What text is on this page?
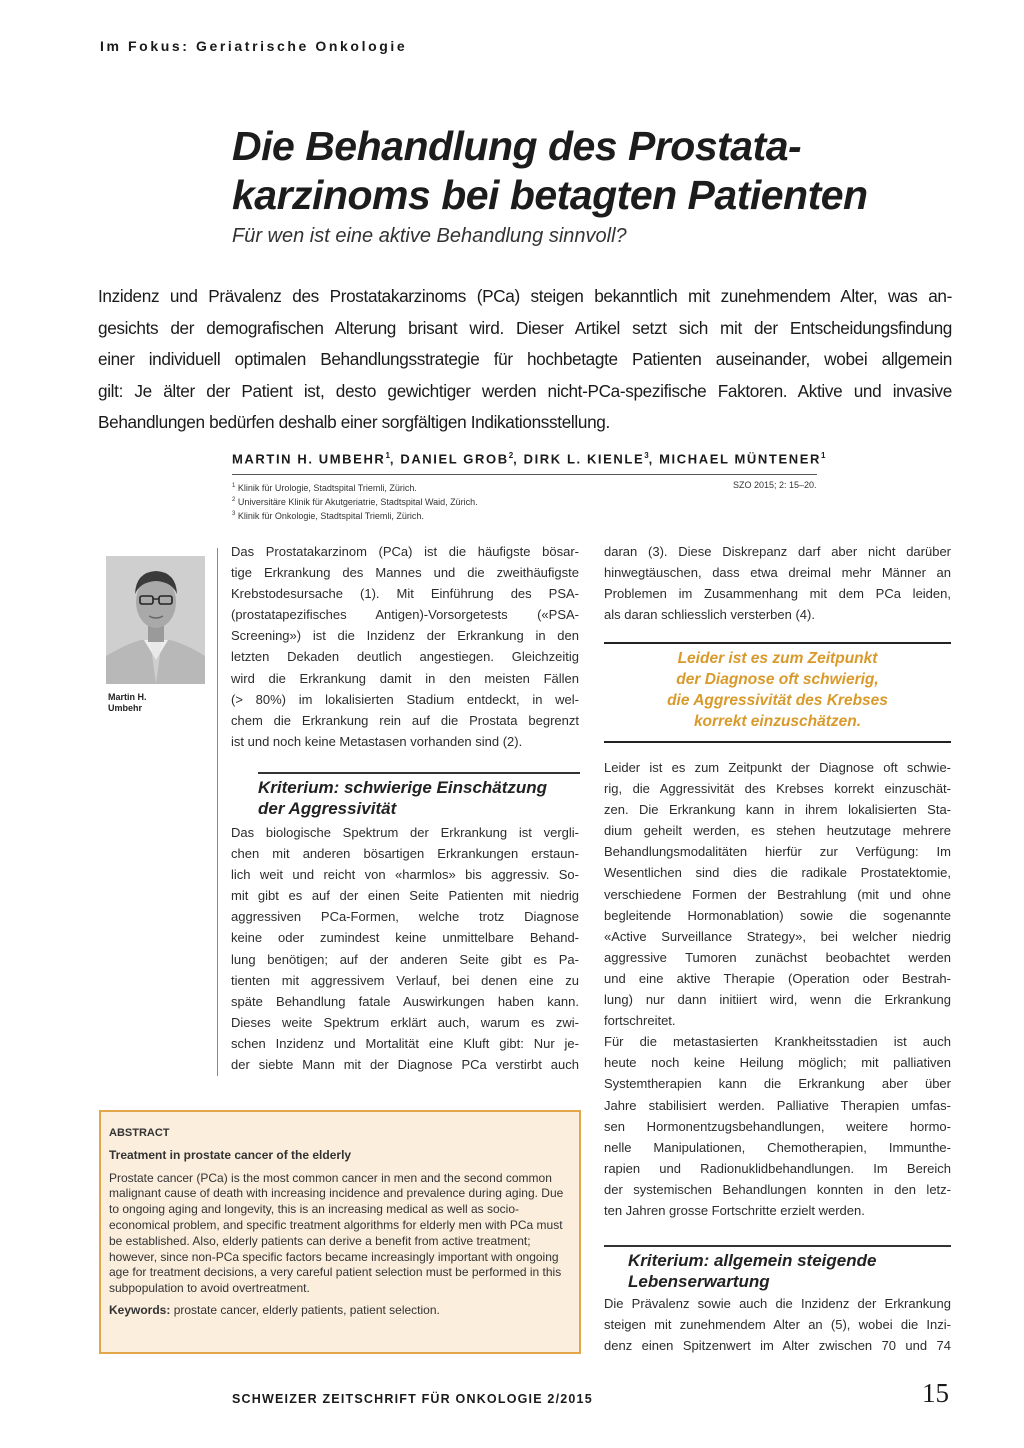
Im Fokus: Geriatrische Onkologie
Die Behandlung des Prostata-
karzinoms bei betagten Patienten
Für wen ist eine aktive Behandlung sinnvoll?
Inzidenz und Prävalenz des Prostatakarzinoms (PCa) steigen bekanntlich mit zunehmendem Alter, was an-
gesichts der demografischen Alterung brisant wird. Dieser Artikel setzt sich mit der Entscheidungsfindung
einer individuell optimalen Behandlungsstrategie für hochbetagte Patienten auseinander, wobei allgemein
gilt: Je älter der Patient ist, desto gewichtiger werden nicht-PCa-spezifische Faktoren. Aktive und invasive
Behandlungen bedürfen deshalb einer sorgfältigen Indikationsstellung.
MARTIN H. UMBEHR$^1$, DANIEL GROB$^2$, DIRK L. KIENLE$^3$, MICHAEL MÜNTENER$^1$
$^1$ Klinik für Urologie, Stadtspital Triemli, Zürich.
$^2$ Universitäre Klinik für Akutgeriatrie, Stadtspital Waid, Zürich.
$^3$ Klinik für Onkologie, Stadtspital Triemli, Zürich.
SZO 2015; 2: 15–20.
Martin H.
Umbehr
Das Prostatakarzinom (PCa) ist die häufigste bösar-
tige Erkrankung des Mannes und die zweithäufigste
Krebstodesursache (1). Mit Einführung des PSA-
(prostatapezifisches Antigen)-Vorsorgetests («PSA-
Screening») ist die Inzidenz der Erkrankung in den
letzten Dekaden deutlich angestiegen. Gleichzeitig
wird die Erkrankung damit in den meisten Fällen
(> 80%) im lokalisierten Stadium entdeckt, in wel-
chem die Erkrankung rein auf die Prostata begrenzt
ist und noch keine Metastasen vorhanden sind (2).
Kriterium: schwierige Einschätzung
der Aggressivität
Das biologische Spektrum der Erkrankung ist vergli-
chen mit anderen bösartigen Erkrankungen erstaun-
lich weit und reicht von «harmlos» bis aggressiv. So-
mit gibt es auf der einen Seite Patienten mit niedrig
aggressiven PCa-Formen, welche trotz Diagnose
keine oder zumindest keine unmittelbare Behand-
lung benötigen; auf der anderen Seite gibt es Pa-
tienten mit aggressivem Verlauf, bei denen eine zu
späte Behandlung fatale Auswirkungen haben kann.
Dieses weite Spektrum erklärt auch, warum es zwi-
schen Inzidenz und Mortalität eine Kluft gibt: Nur je-
der siebte Mann mit der Diagnose PCa verstirbt auch
ABSTRACT
Treatment in prostate cancer of the elderly
Prostate cancer (PCa) is the most common cancer in men and the second common malignant cause of death with increasing incidence and prevalence during aging. Due to ongoing aging and longevity, this is an increasing medical as well as socio-economical problem, and specific treatment algorithms for elderly men with PCa must be established. Also, elderly patients can derive a benefit from active treatment; however, since non-PCa specific factors became increasingly important with ongoing age for treatment decisions, a very careful patient selection must be performed in this subpopulation to avoid overtreatment.
Keywords: prostate cancer, elderly patients, patient selection.
daran (3). Diese Diskrepanz darf aber nicht darüber
hinwegtäuschen, dass etwa dreimal mehr Männer an
Problemen im Zusammenhang mit dem PCa leiden,
als daran schliesslich versterben (4).
Leider ist es zum Zeitpunkt
der Diagnose oft schwierig,
die Aggressivität des Krebses
korrekt einzuschätzen.
Leider ist es zum Zeitpunkt der Diagnose oft schwie-
rig, die Aggressivität des Krebses korrekt einzuschät-
zen. Die Erkrankung kann in ihrem lokalisierten Sta-
dium geheilt werden, es stehen heutzutage mehrere
Behandlungsmodalitäten hierfür zur Verfügung: Im
Wesentlichen sind dies die radikale Prostatektomie,
verschiedene Formen der Bestrahlung (mit und ohne
begleitende Hormonablation) sowie die sogenannte
«Active Surveillance Strategy», bei welcher niedrig
aggressive Tumoren zunächst beobachtet werden
und eine aktive Therapie (Operation oder Bestrah-
lung) nur dann initiiert wird, wenn die Erkrankung
fortschreitet.
Für die metastasierten Krankheitsstadien ist auch
heute noch keine Heilung möglich; mit palliativen
Systemtherapien kann die Erkrankung aber über
Jahre stabilisiert werden. Palliative Therapien umfas-
sen Hormonentzugsbehandlungen, weitere hormo-
nelle Manipulationen, Chemotherapien, Immunthe-
rapien und Radionuklidbehandlungen. Im Bereich
der systemischen Behandlungen konnten in den letz-
ten Jahren grosse Fortschritte erzielt werden.
Kriterium: allgemein steigende
Lebenserwartung
Die Prävalenz sowie auch die Inzidenz der Erkrankung
steigen mit zunehmendem Alter an (5), wobei die Inzi-
denz einen Spitzenwert im Alter zwischen 70 und 74
SCHWEIZER ZEITSCHRIFT FÜR ONKOLOGIE 2/2015	15
